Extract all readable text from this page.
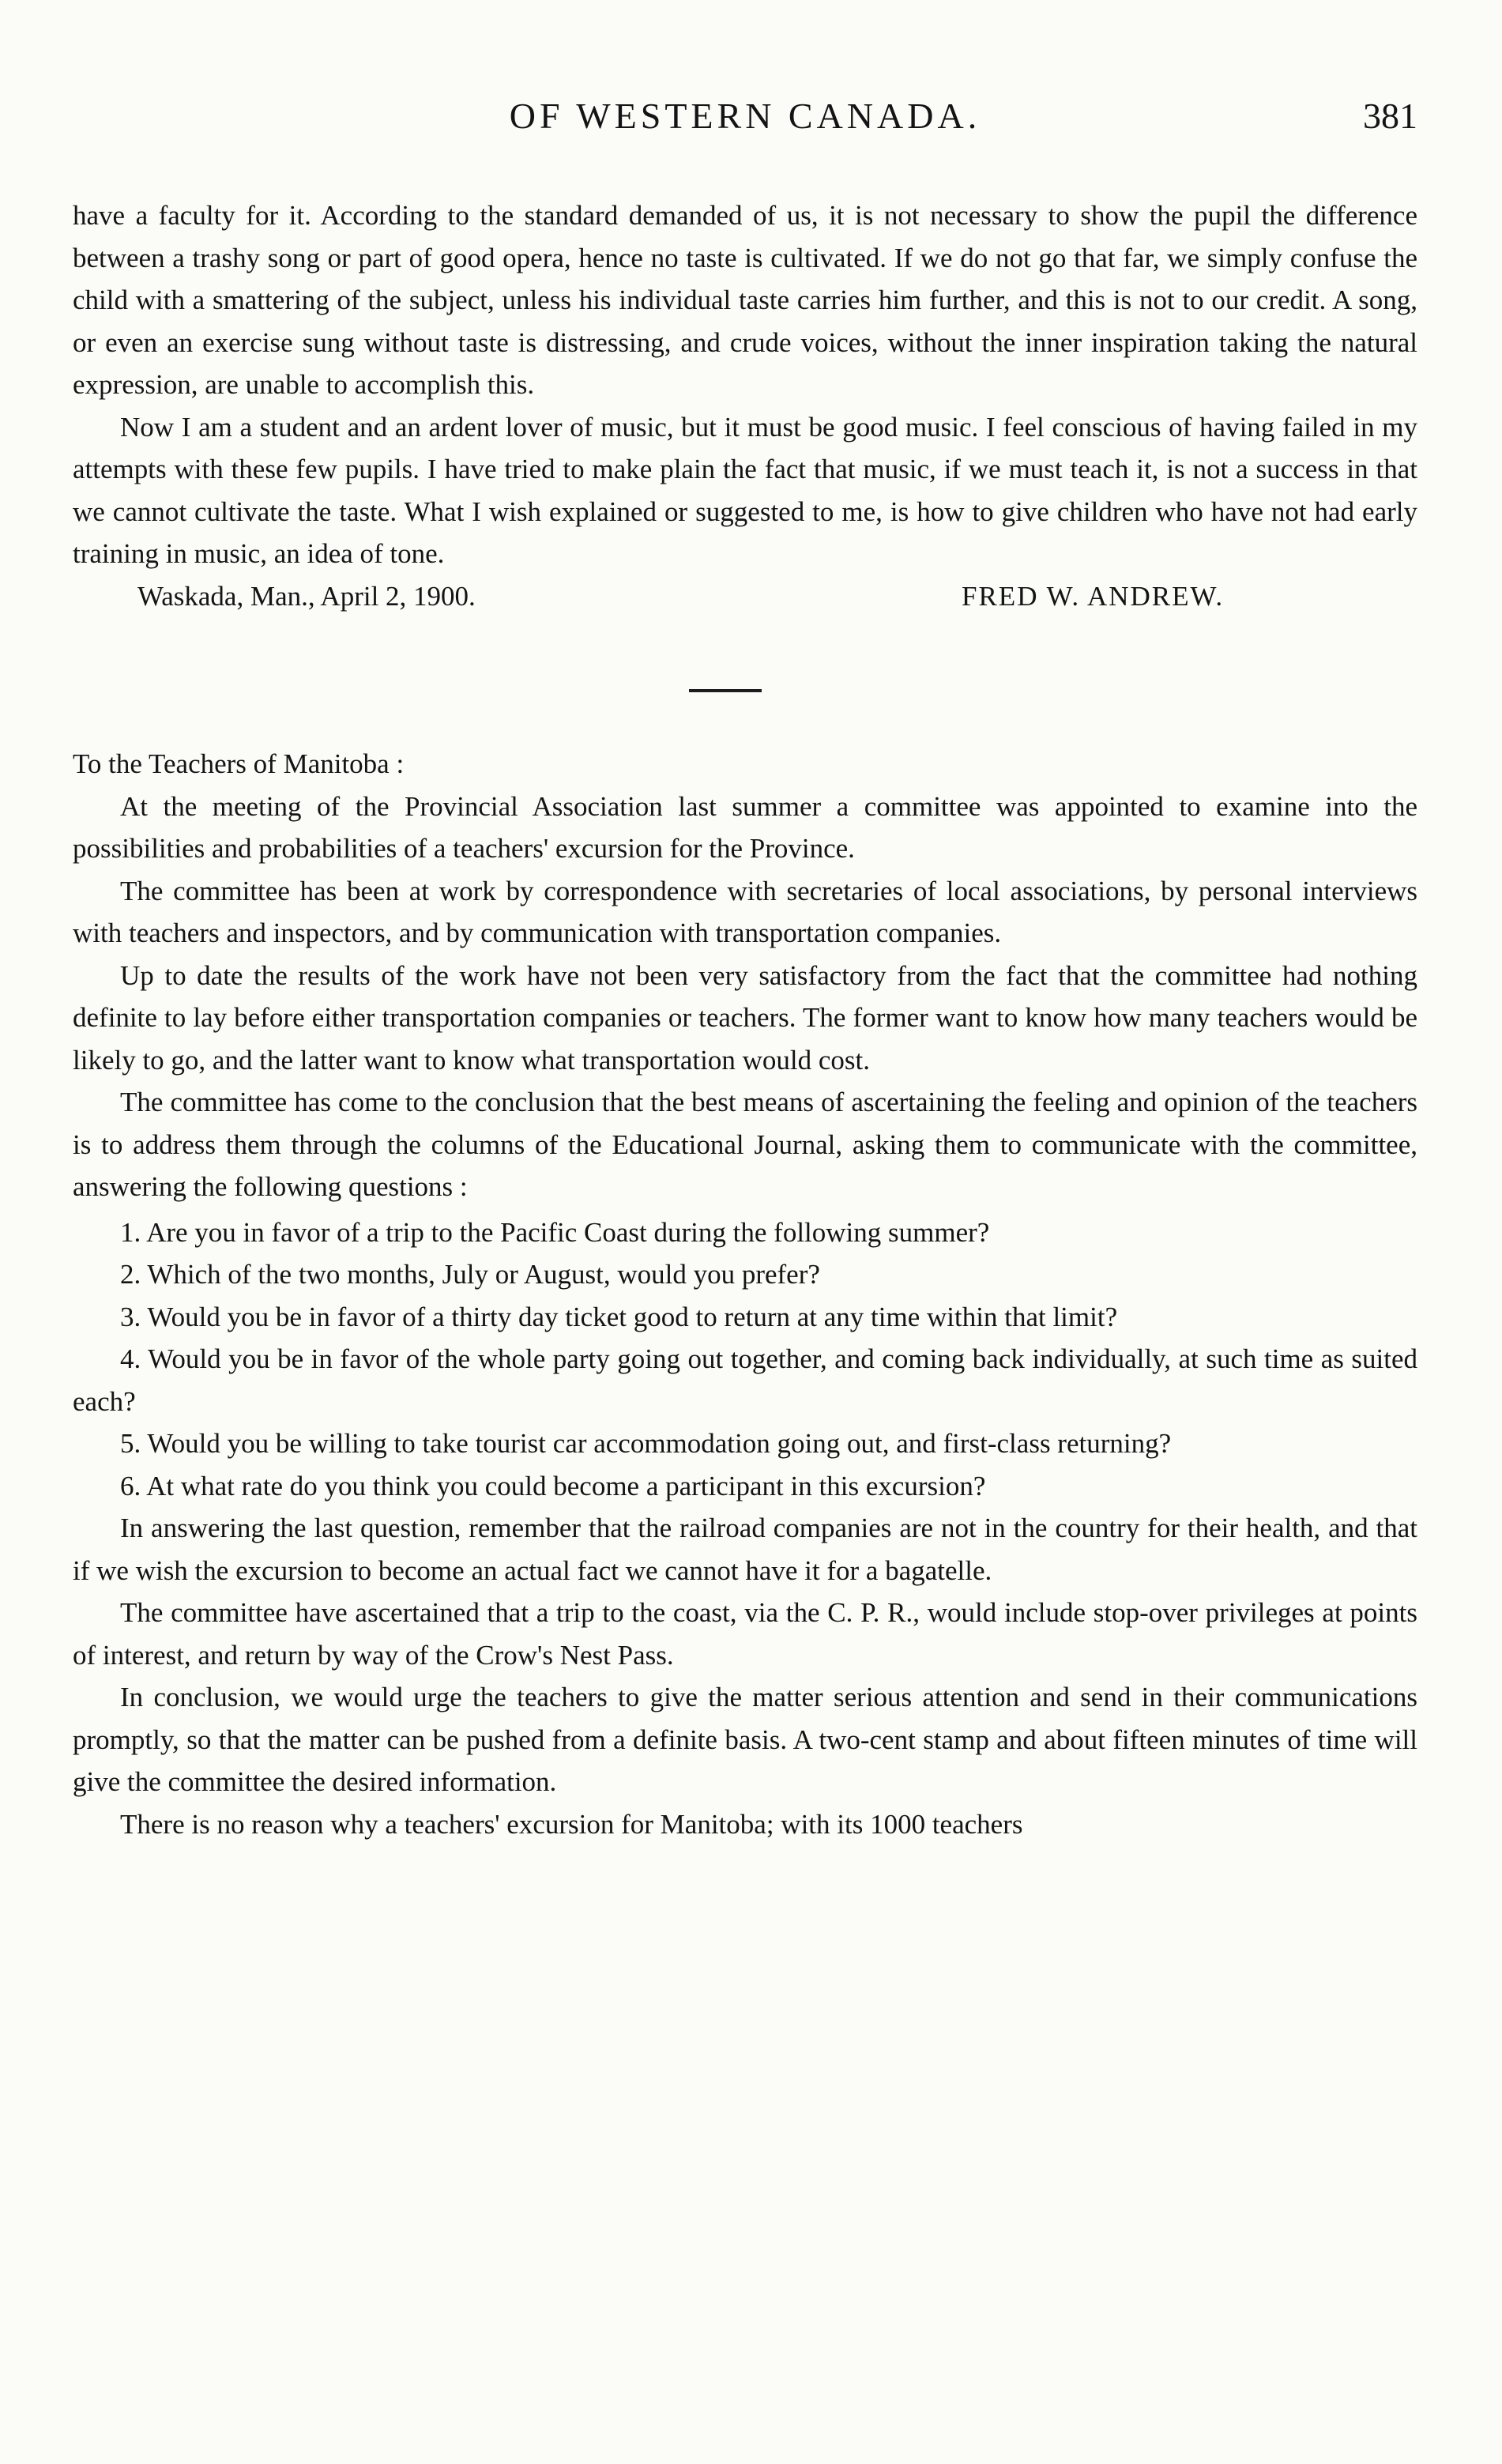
OF WESTERN CANADA.	381

have a faculty for it. According to the standard demanded of us, it is not necessary to show the pupil the difference between a trashy song or part of good opera, hence no taste is cultivated. If we do not go that far, we simply confuse the child with a smattering of the subject, unless his individual taste carries him further, and this is not to our credit. A song, or even an exercise sung without taste is distressing, and crude voices, without the inner inspiration taking the natural expression, are unable to accomplish this.

Now I am a student and an ardent lover of music, but it must be good music. I feel conscious of having failed in my attempts with these few pupils. I have tried to make plain the fact that music, if we must teach it, is not a success in that we cannot cultivate the taste. What I wish explained or suggested to me, is how to give children who have not had early training in music, an idea of tone.

Waskada, Man., April 2, 1900.	FRED W. ANDREW.

To the Teachers of Manitoba :

At the meeting of the Provincial Association last summer a committee was appointed to examine into the possibilities and probabilities of a teachers' excursion for the Province.

The committee has been at work by correspondence with secretaries of local associations, by personal interviews with teachers and inspectors, and by communication with transportation companies.

Up to date the results of the work have not been very satisfactory from the fact that the committee had nothing definite to lay before either transportation companies or teachers. The former want to know how many teachers would be likely to go, and the latter want to know what transportation would cost.

The committee has come to the conclusion that the best means of ascertaining the feeling and opinion of the teachers is to address them through the columns of the Educational Journal, asking them to communicate with the committee, answering the following questions :

1. Are you in favor of a trip to the Pacific Coast during the following summer?

2. Which of the two months, July or August, would you prefer?

3. Would you be in favor of a thirty day ticket good to return at any time within that limit?

4. Would you be in favor of the whole party going out together, and coming back individually, at such time as suited each?

5. Would you be willing to take tourist car accommodation going out, and first-class returning?

6. At what rate do you think you could become a participant in this excursion?

In answering the last question, remember that the railroad companies are not in the country for their health, and that if we wish the excursion to become an actual fact we cannot have it for a bagatelle.

The committee have ascertained that a trip to the coast, via the C. P. R., would include stop-over privileges at points of interest, and return by way of the Crow's Nest Pass.

In conclusion, we would urge the teachers to give the matter serious attention and send in their communications promptly, so that the matter can be pushed from a definite basis. A two-cent stamp and about fifteen minutes of time will give the committee the desired information.

There is no reason why a teachers' excursion for Manitoba; with its 1000 teachers
